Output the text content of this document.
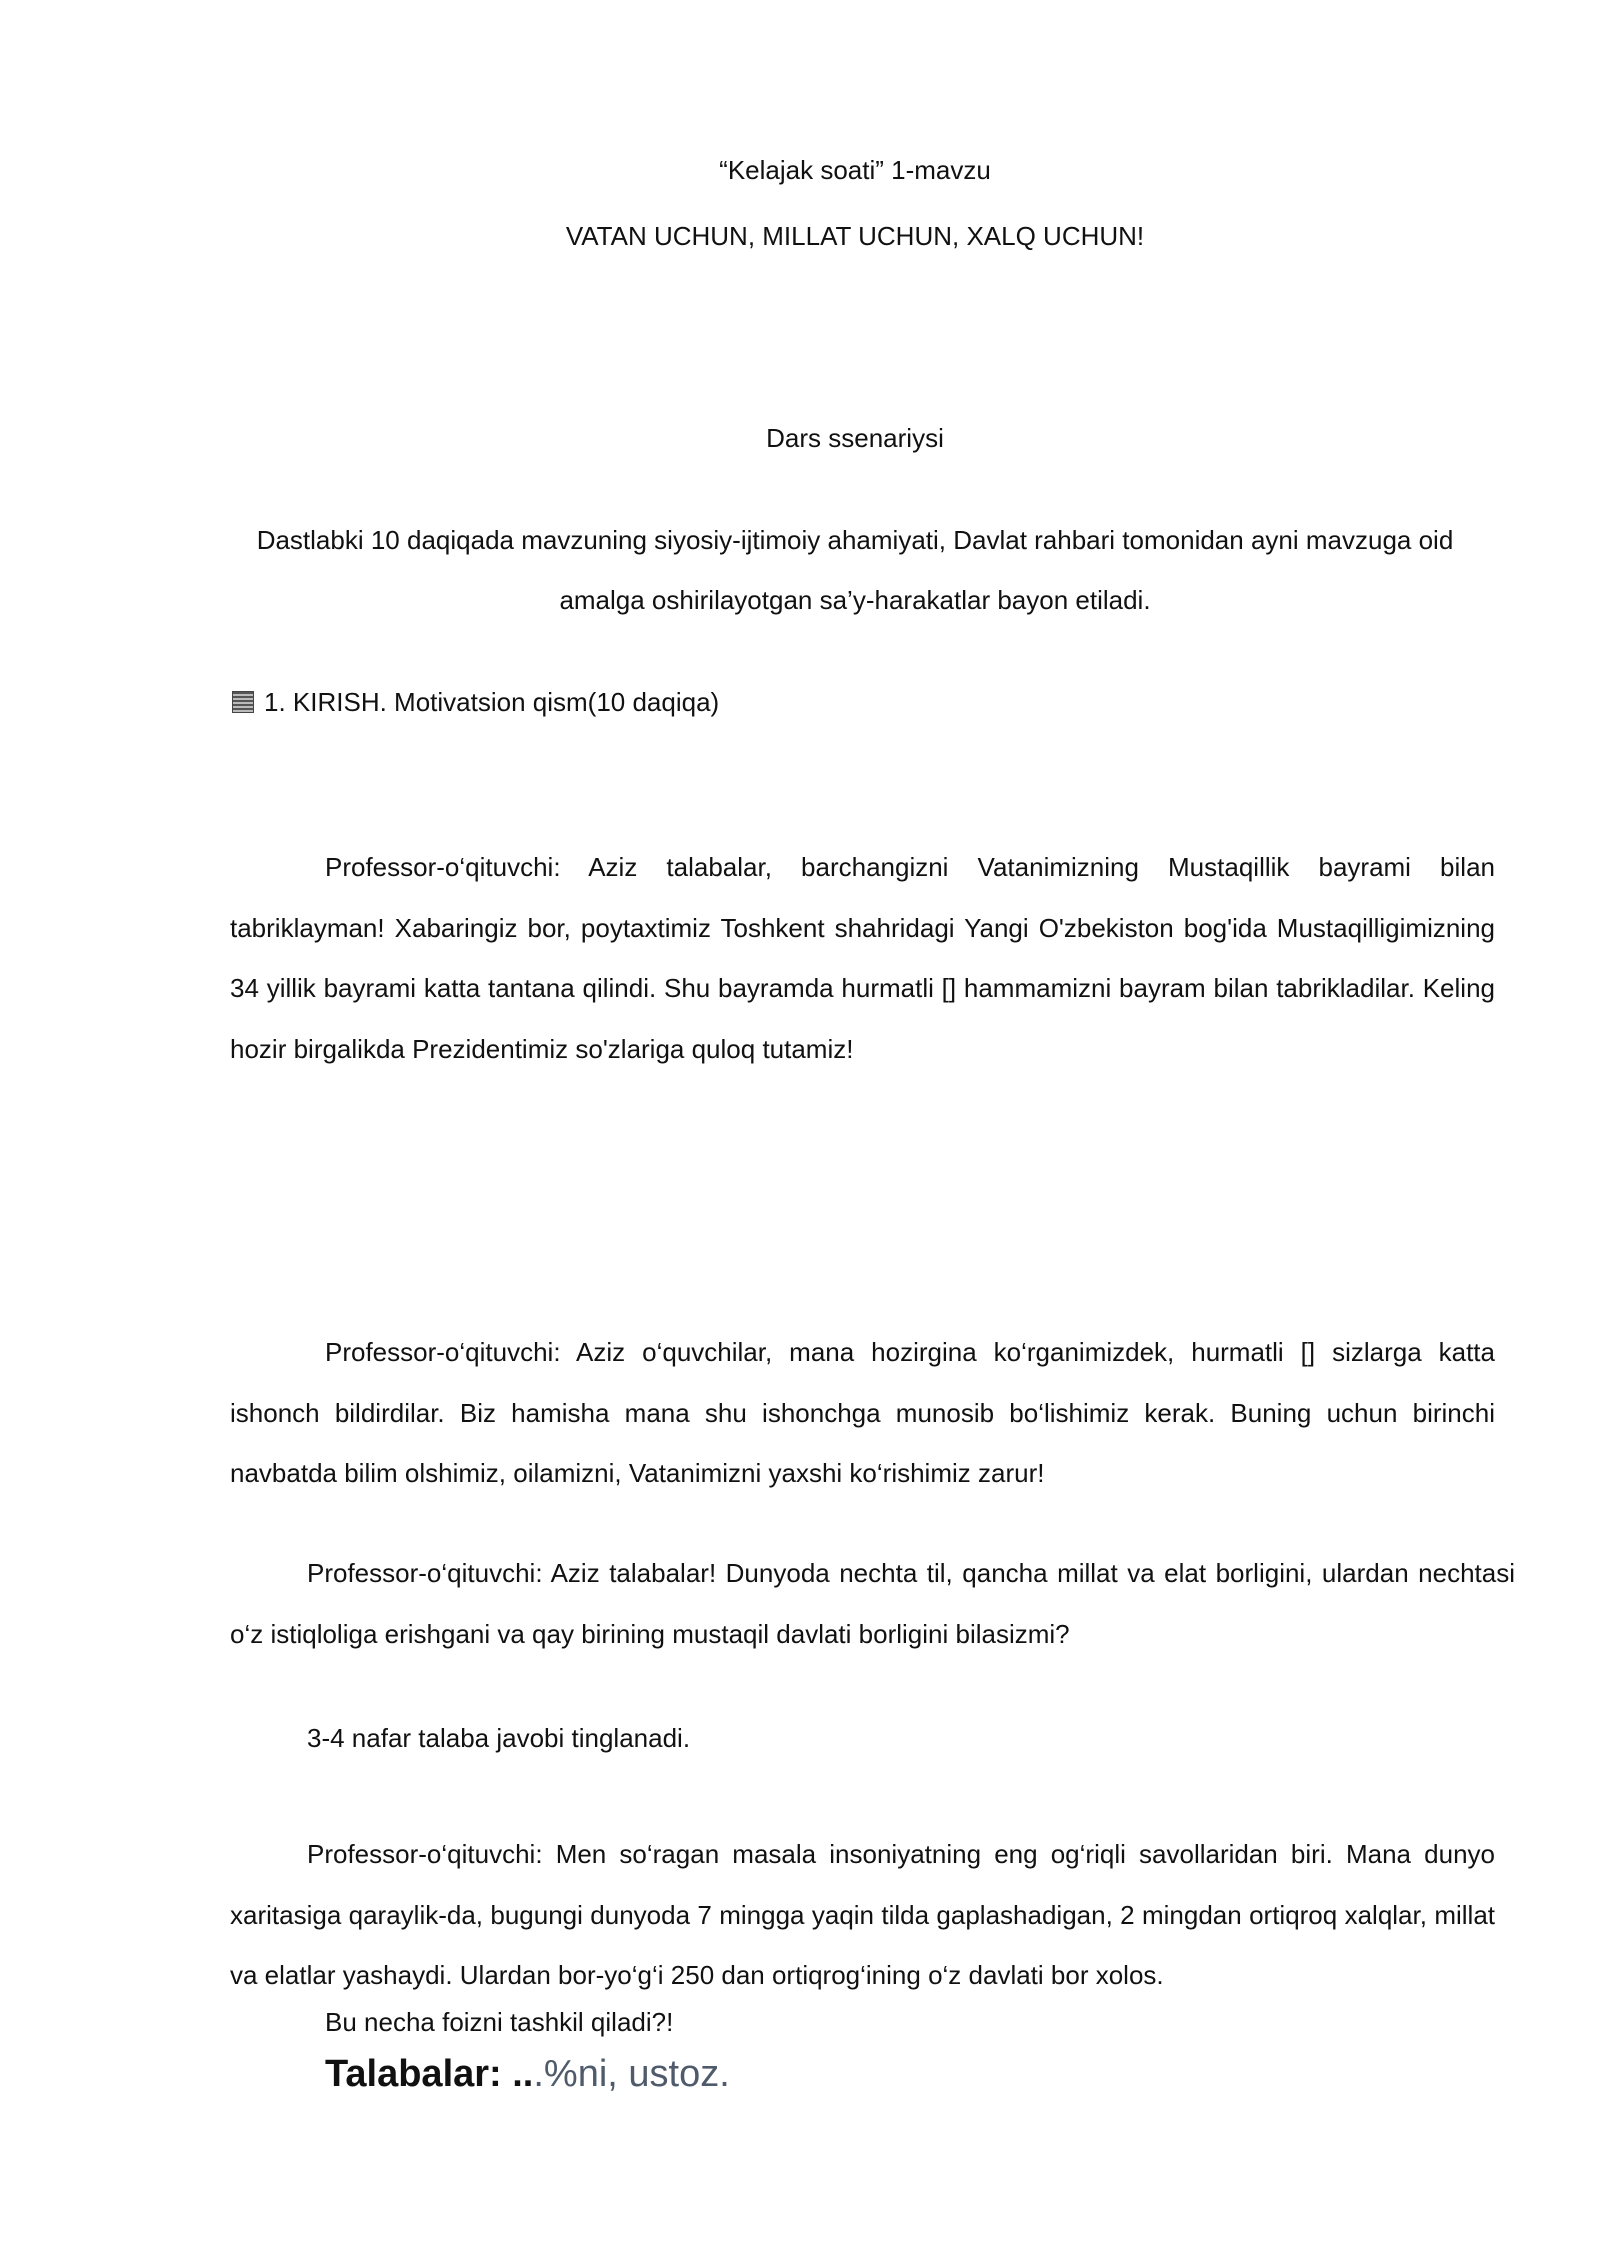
“Kelajak soati” 1-mavzu
VATAN UCHUN, MILLAT UCHUN, XALQ UCHUN!
Dars ssenariysi
Dastlabki 10 daqiqada mavzuning siyosiy-ijtimoiy ahamiyati, Davlat rahbari tomonidan ayni mavzuga oid
amalga oshirilayotgan sa’y-harakatlar bayon etiladi.
1. KIRISH. Motivatsion qism(10 daqiqa)
Professor-o‘qituvchi: Aziz talabalar, barchangizni Vatanimizning Mustaqillik bayrami bilan tabriklayman! Xabaringiz bor, poytaxtimiz Toshkent shahridagi Yangi O'zbekiston bog'ida Mustaqilligimizning 34 yillik bayrami katta tantana qilindi. Shu bayramda hurmatli [] hammamizni bayram bilan tabrikladilar. Keling hozir birgalikda Prezidentimiz so'zlariga quloq tutamiz!
Professor-o‘qituvchi: Aziz o‘quvchilar, mana hozirgina ko‘rganimizdek, hurmatli [] sizlarga katta ishonch bildirdilar. Biz hamisha mana shu ishonchga munosib bo‘lishimiz kerak. Buning uchun birinchi navbatda bilim olshimiz, oilamizni, Vatanimizni yaxshi ko‘rishimiz zarur!
Professor-o‘qituvchi: Aziz talabalar! Dunyoda nechta til, qancha millat va elat borligini, ulardan nechtasi o‘z istiqloliga erishgani va qay birining mustaqil davlati borligini bilasizmi?
3-4 nafar talaba javobi tinglanadi.
Professor-o‘qituvchi: Men so‘ragan masala insoniyatning eng og‘riqli savollaridan biri. Mana dunyo xaritasiga qaraylik-da, bugungi dunyoda 7 mingga yaqin tilda gaplashadigan, 2 mingdan ortiqroq xalqlar, millat va elatlar yashaydi. Ulardan bor-yo‘g‘i 250 dan ortiqrog‘ining o‘z davlati bor xolos.
Bu necha foizni tashkil qiladi?!
Talabalar: ...%ni, ustoz.
